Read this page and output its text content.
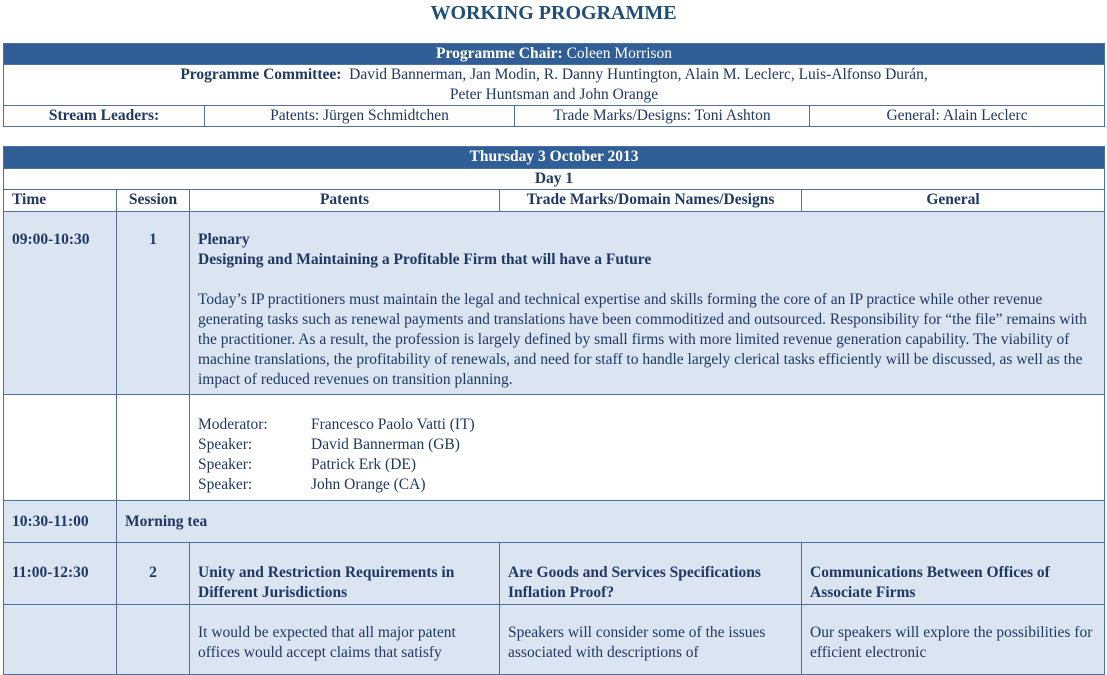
WORKING PROGRAMME
Programme Chair: Coleen Morrison
Programme Committee: David Bannerman, Jan Modin, R. Danny Huntington, Alain M. Leclerc, Luis-Alfonso Durán,
Peter Huntsman and John Orange
Stream Leaders:	Patents: Jürgen Schmidtchen	Trade Marks/Designs: Toni Ashton	General: Alain Leclerc
Thursday 3 October 2013				
Day 1				
Time	Session	Patents	Trade Marks/Domain Names/Designs	General
09:00-10:30	1	Plenary

Designing and Maintaining a Profitable Firm that will have a Future

Today’s IP practitioners must maintain the legal and technical expertise and skills forming the core of an IP practice while other revenue generating tasks such as renewal payments and translations have been commoditized and outsourced. Responsibility for “the file” remains with the practitioner. As a result, the profession is largely defined by small firms with more limited revenue generation capability. The viability of machine translations, the profitability of renewals, and need for staff to handle largely clerical tasks efficiently will be discussed, as well as the impact of reduced revenues on transition planning.		

		Moderator: Francesco Paolo Vatti (IT)
Speaker: David Bannerman (GB)
Speaker: Patrick Erk (DE)
Speaker: John Orange (CA)		

10:30-11:00	Morning tea			
11:00-12:30	2	Unity and Restriction Requirements in Different Jurisdictions	Are Goods and Services Specifications Inflation Proof?	Communications Between Offices of Associate Firms
		It would be expected that all major patent offices would accept claims that satisfy	Speakers will consider some of the issues associated with descriptions of	Our speakers will explore the possibilities for efficient electronic
